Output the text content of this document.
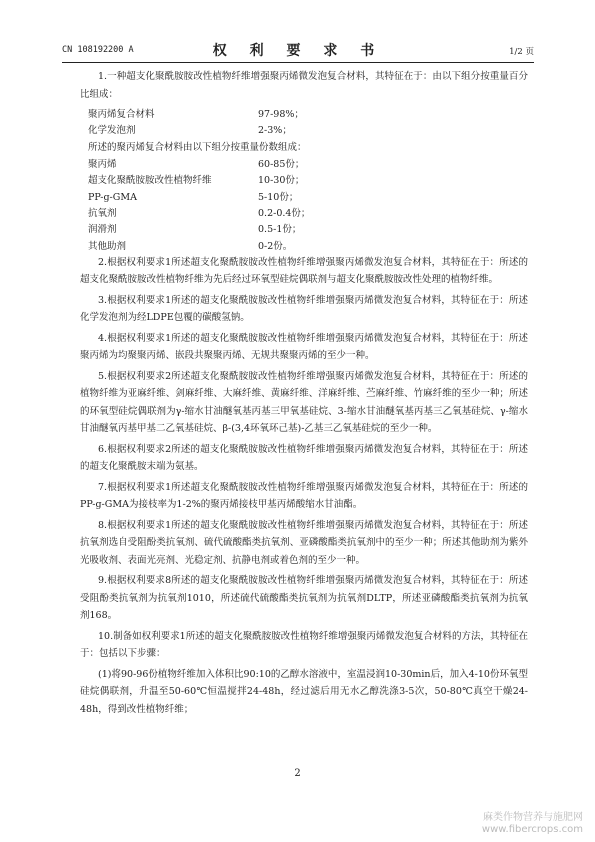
CN 108192200 A	权 利 要 求 书	1/2 页

1.一种超支化聚酰胺胺改性植物纤维增强聚丙烯微发泡复合材料，其特征在于：由以下组分按重量百分比组成：

聚丙烯复合材料	97-98%；
化学发泡剂	2-3%；

所述的聚丙烯复合材料由以下组分按重量份数组成：

聚丙烯	60-85份；
超支化聚酰胺胺改性植物纤维	10-30份；
PP-g-GMA	5-10份；
抗氧剂	0.2-0.4份；
润滑剂	0.5-1份；
其他助剂	0-2份。

2.根据权利要求1所述超支化聚酰胺胺改性植物纤维增强聚丙烯微发泡复合材料，其特征在于：所述的超支化聚酰胺胺改性植物纤维为先后经过环氧型硅烷偶联剂与超支化聚酰胺胺改性处理的植物纤维。

3.根据权利要求1所述的超支化聚酰胺胺改性植物纤维增强聚丙烯微发泡复合材料，其特征在于：所述化学发泡剂为经LDPE包覆的碳酸氢钠。

4.根据权利要求1所述的超支化聚酰胺胺改性植物纤维增强聚丙烯微发泡复合材料，其特征在于：所述聚丙烯为均聚聚丙烯、嵌段共聚聚丙烯、无规共聚聚丙烯的至少一种。

5.根据权利要求2所述超支化聚酰胺胺改性植物纤维增强聚丙烯微发泡复合材料，其特征在于：所述的植物纤维为亚麻纤维、剑麻纤维、大麻纤维、黄麻纤维、洋麻纤维、苎麻纤维、竹麻纤维的至少一种；所述的环氧型硅烷偶联剂为γ-缩水甘油醚氧基丙基三甲氧基硅烷、3-缩水甘油醚氧基丙基三乙氧基硅烷、γ-缩水甘油醚氧丙基甲基二乙氧基硅烷、β-(3,4环氧环己基)-乙基三乙氧基硅烷的至少一种。

6.根据权利要求2所述的超支化聚酰胺胺改性植物纤维增强聚丙烯微发泡复合材料，其特征在于：所述的超支化聚酰胺末端为氨基。

7.根据权利要求1所述超支化聚酰胺胺改性植物纤维增强聚丙烯微发泡复合材料，其特征在于：所述的PP-g-GMA为接枝率为1-2%的聚丙烯接枝甲基丙烯酸缩水甘油酯。

8.根据权利要求1所述的超支化聚酰胺胺改性植物纤维增强聚丙烯微发泡复合材料，其特征在于：所述抗氧剂选自受阻酚类抗氧剂、硫代硫酸酯类抗氧剂、亚磷酸酯类抗氧剂中的至少一种；所述其他助剂为紫外光吸收剂、表面光亮剂、光稳定剂、抗静电剂或着色剂的至少一种。

9.根据权利要求8所述的超支化聚酰胺胺改性植物纤维增强聚丙烯微发泡复合材料，其特征在于：所述受阻酚类抗氧剂为抗氧剂1010，所述硫代硫酸酯类抗氧剂为抗氧剂DLTP，所述亚磷酸酯类抗氧剂为抗氧剂168。

10.制备如权利要求1所述的超支化聚酰胺胺改性植物纤维增强聚丙烯微发泡复合材料的方法，其特征在于：包括以下步骤：

(1)将90-96份植物纤维加入体积比90:10的乙醇水溶液中，室温浸润10-30min后，加入4-10份环氧型硅烷偶联剂，升温至50-60℃恒温搅拌24-48h，经过滤后用无水乙醇洗涤3-5次，50-80℃真空干燥24-48h，得到改性植物纤维；

2
麻类作物营养与施肥网
www.fibercrops.com
